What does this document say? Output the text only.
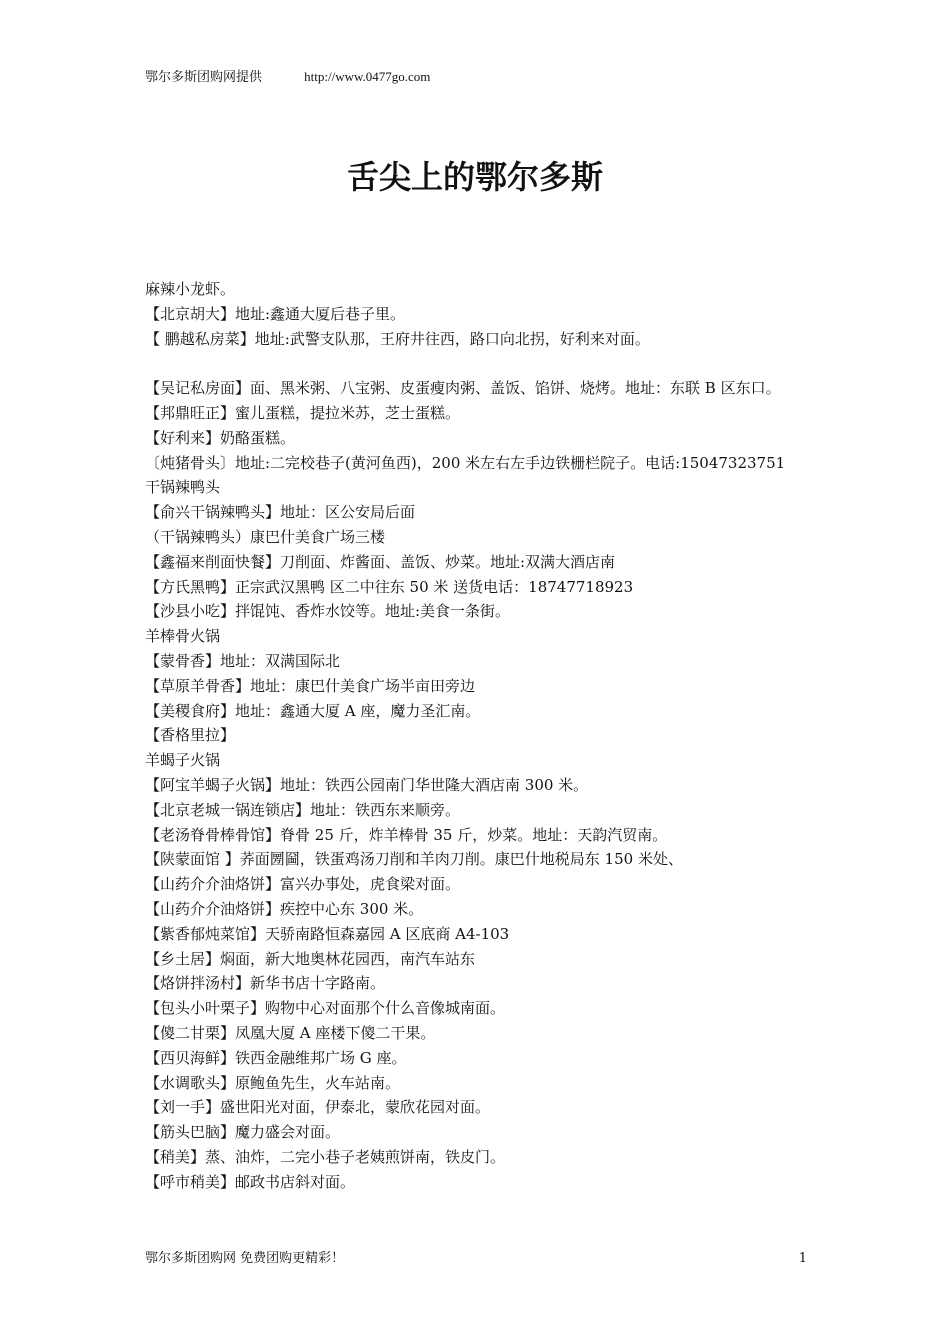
鄂尔多斯团购网提供	http://www.0477go.com
舌尖上的鄂尔多斯
麻辣小龙虾。
【北京胡大】地址:鑫通大厦后巷子里。
【 鹏越私房菜】地址:武警支队那，王府井往西，路口向北拐，好利来对面。
【吴记私房面】面、黑米粥、八宝粥、皮蛋瘦肉粥、盖饭、馅饼、烧烤。地址：东联 B 区东口。
【邦鼎旺正】蜜儿蛋糕，提拉米苏，芝士蛋糕。
【好利来】奶酪蛋糕。
〔炖猪骨头〕地址:二完校巷子(黄河鱼西)，200 米左右左手边铁栅栏院子。电话:15047323751
干锅辣鸭头
【俞兴干锅辣鸭头】地址：区公安局后面
（干锅辣鸭头）康巴什美食广场三楼
【鑫福来削面快餐】刀削面、炸酱面、盖饭、炒菜。地址:双满大酒店南
【方氏黑鸭】正宗武汉黑鸭 区二中往东 50 米 送货电话：18747718923
【沙县小吃】拌馄饨、香炸水饺等。地址:美食一条街。
羊棒骨火锅
【蒙骨香】地址：双满国际北
【草原羊骨香】地址：康巴什美食广场半亩田旁边
【美稷食府】地址：鑫通大厦 A 座，魔力圣汇南。
【香格里拉】
羊蝎子火锅
【阿宝羊蝎子火锅】地址：铁西公园南门华世隆大酒店南 300 米。
【北京老城一锅连锁店】地址：铁西东来顺旁。
【老汤脊骨棒骨馆】脊骨 25 斤，炸羊棒骨 35 斤，炒菜。地址：天韵汽贸南。
【陕蒙面馆 】荞面圐圙，铁蛋鸡汤刀削和羊肉刀削。康巴什地税局东 150 米处、
【山药介介油烙饼】富兴办事处，虎食梁对面。
【山药介介油烙饼】疾控中心东 300 米。
【紫香郁炖菜馆】天骄南路恒森嘉园 A 区底商 A4-103
【乡土居】焖面，新大地奥林花园西，南汽车站东
【烙饼拌汤村】新华书店十字路南。
【包头小叶栗子】购物中心对面那个什么音像城南面。
【傻二甘栗】凤凰大厦 A 座楼下傻二干果。
【西贝海鲜】铁西金融维邦广场 G 座。
【水调歌头】原鲍鱼先生，火车站南。
【刘一手】盛世阳光对面，伊泰北，蒙欣花园对面。
【筋头巴脑】魔力盛会对面。
【稍美】蒸、油炸，二完小巷子老姨煎饼南，铁皮门。
【呼市稍美】邮政书店斜对面。
鄂尔多斯团购网 免费团购更精彩！	1
